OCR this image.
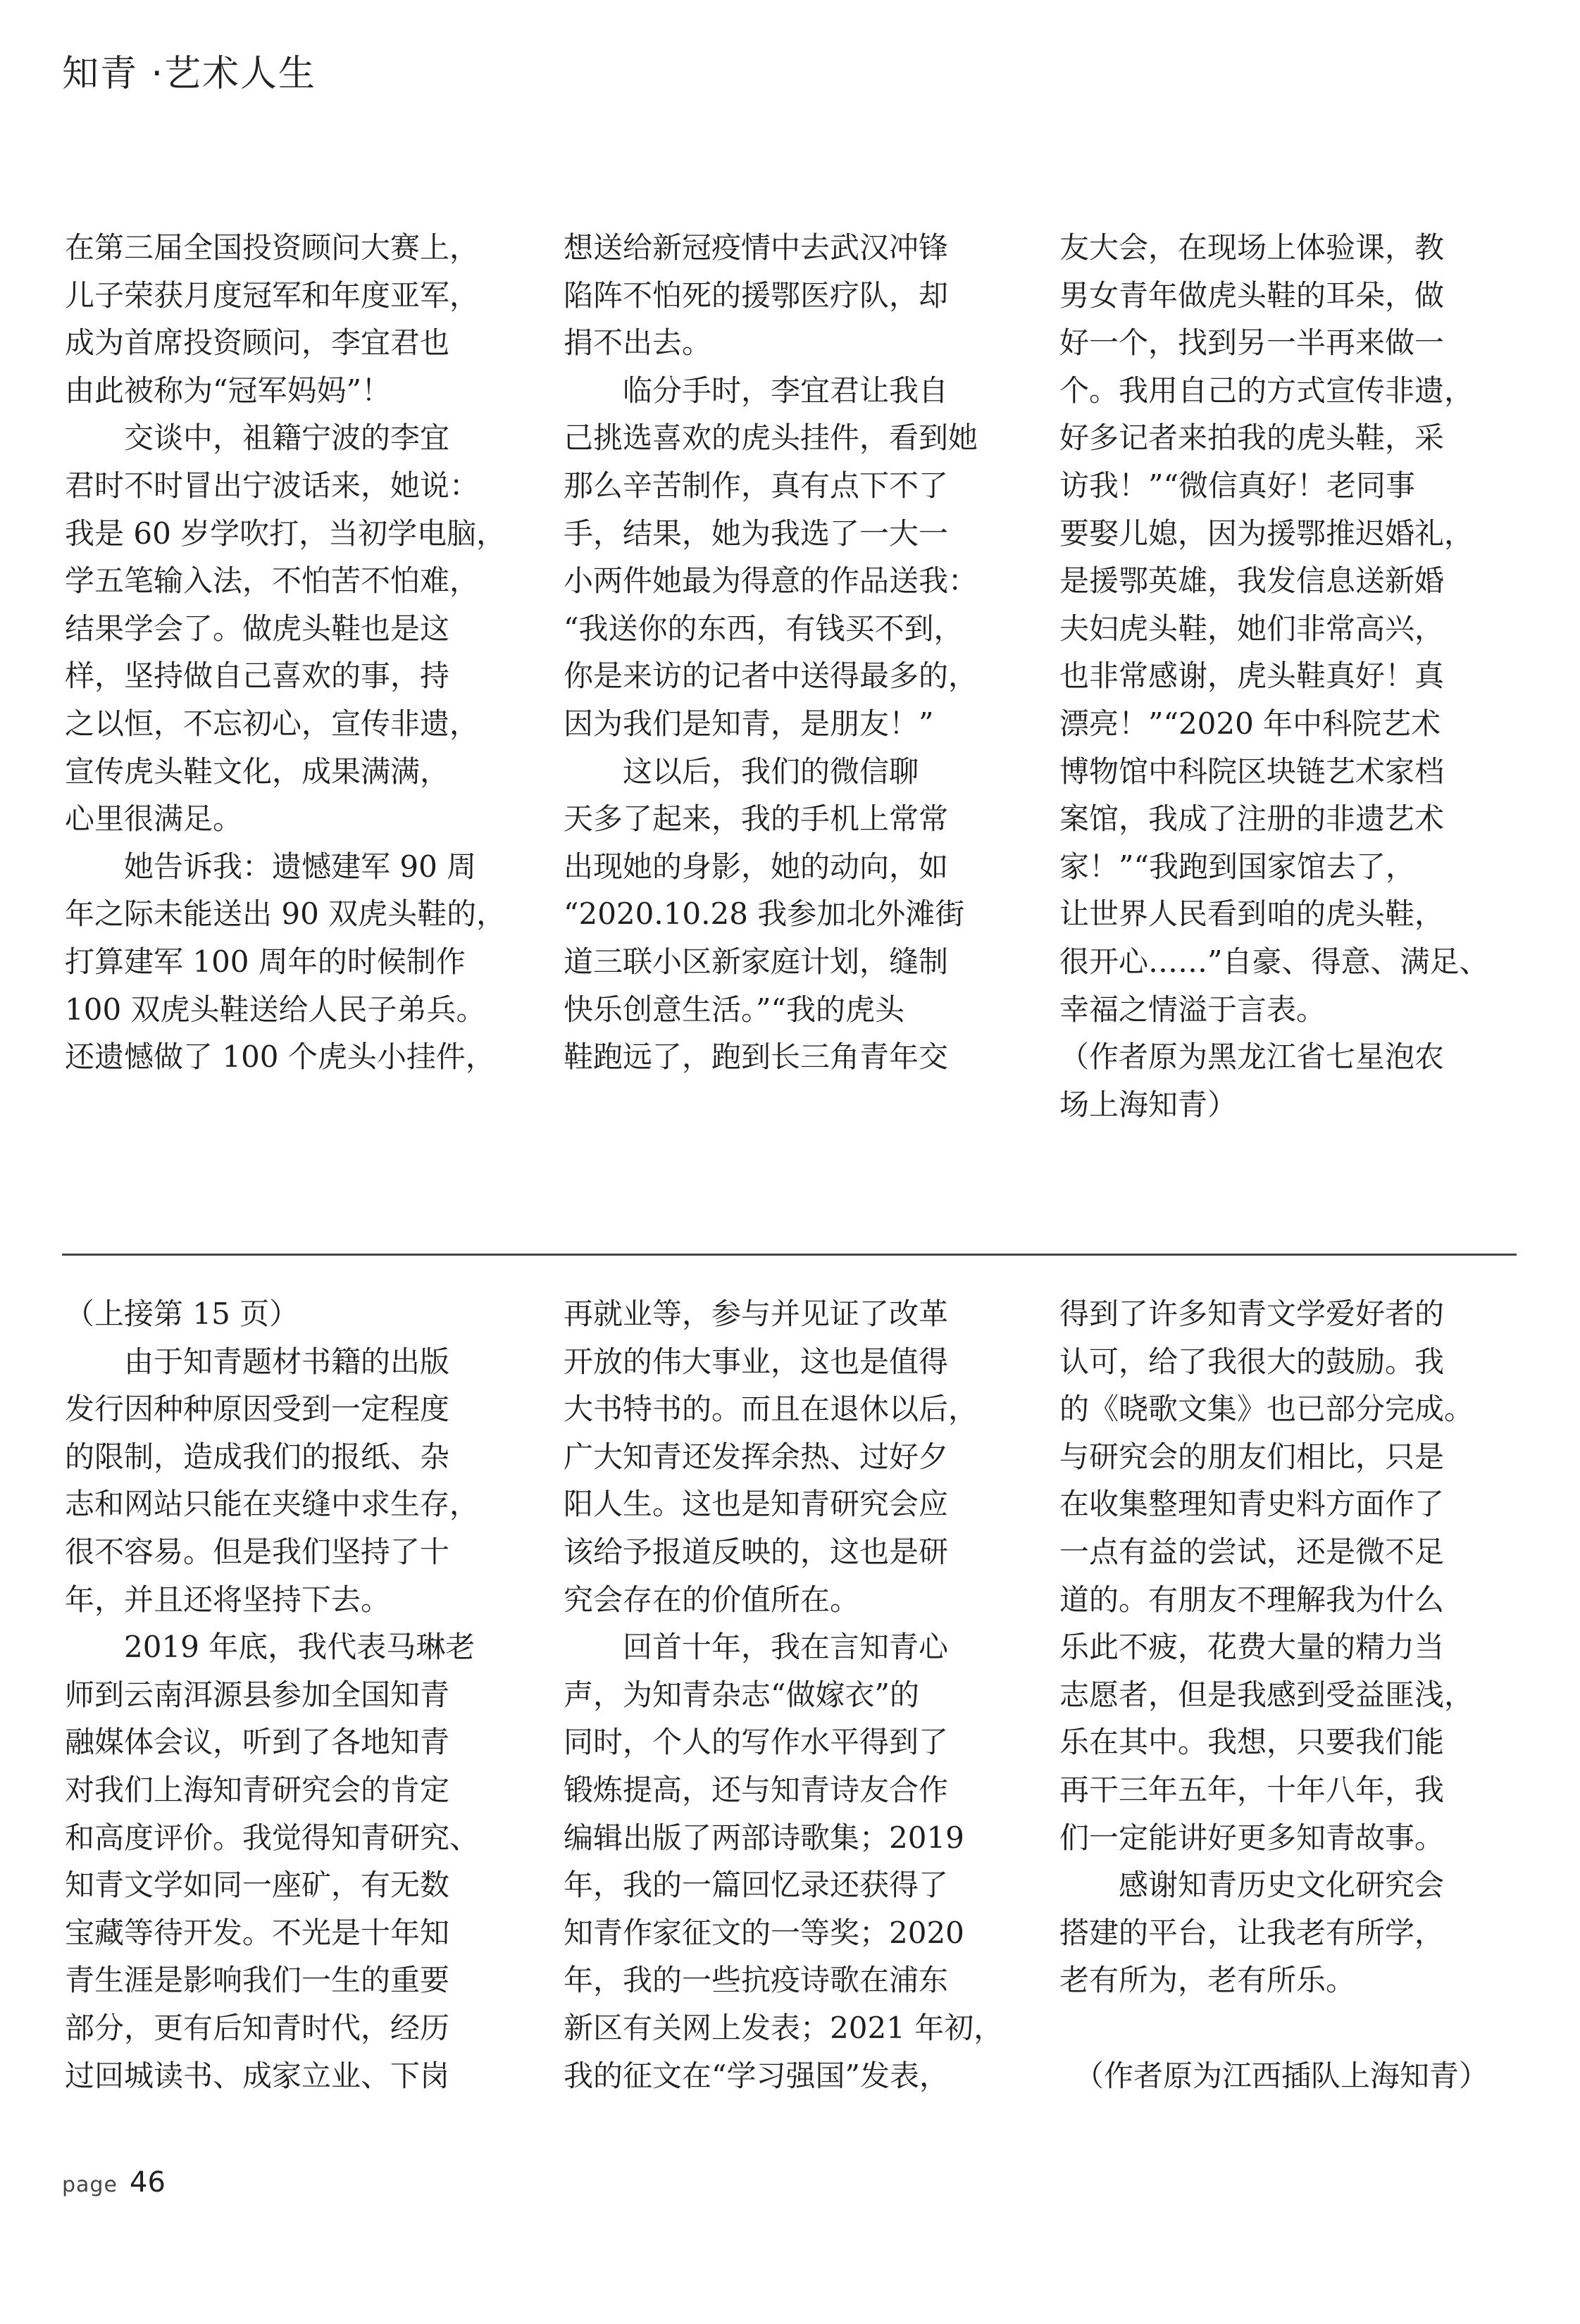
知青 ·艺术人生

在第三届全国投资顾问大赛上，

儿子荣获月度冠军和年度亚军，

成为首席投资顾问，李宜君也

由此被称为“冠军妈妈”！

　　交谈中，祖籍宁波的李宜

君时不时冒出宁波话来，她说：

我是 60 岁学吹打，当初学电脑，

学五笔输入法，不怕苦不怕难，

结果学会了。做虎头鞋也是这

样，坚持做自己喜欢的事，持

之以恒，不忘初心，宣传非遗，

宣传虎头鞋文化，成果满满，

心里很满足。

　　她告诉我：遗憾建军 90 周

年之际未能送出 90 双虎头鞋的，

打算建军 100 周年的时候制作

100 双虎头鞋送给人民子弟兵。

还遗憾做了 100 个虎头小挂件，

想送给新冠疫情中去武汉冲锋

陷阵不怕死的援鄂医疗队，却

捐不出去。

　　临分手时，李宜君让我自

己挑选喜欢的虎头挂件，看到她

那么辛苦制作，真有点下不了

手，结果，她为我选了一大一

小两件她最为得意的作品送我：

“我送你的东西，有钱买不到，

你是来访的记者中送得最多的，

因为我们是知青，是朋友！”

　　这以后，我们的微信聊

天多了起来，我的手机上常常

出现她的身影，她的动向，如

“2020.10.28 我参加北外滩街

道三联小区新家庭计划，缝制

快乐创意生活。”“我的虎头

鞋跑远了，跑到长三角青年交

友大会，在现场上体验课，教

男女青年做虎头鞋的耳朵，做

好一个，找到另一半再来做一

个。我用自己的方式宣传非遗，

好多记者来拍我的虎头鞋，采

访我！”“微信真好！老同事

要娶儿媳，因为援鄂推迟婚礼，

是援鄂英雄，我发信息送新婚

夫妇虎头鞋，她们非常高兴，

也非常感谢，虎头鞋真好！真

漂亮！”“2020 年中科院艺术

博物馆中科院区块链艺术家档

案馆，我成了注册的非遗艺术

家！”“我跑到国家馆去了，

让世界人民看到咱的虎头鞋，

很开心……”自豪、得意、满足、

幸福之情溢于言表。

（作者原为黑龙江省七星泡农

场上海知青）

（上接第 15 页）

　　由于知青题材书籍的出版

发行因种种原因受到一定程度

的限制，造成我们的报纸、杂

志和网站只能在夹缝中求生存，

很不容易。但是我们坚持了十

年，并且还将坚持下去。

　　2019 年底，我代表马琳老

师到云南洱源县参加全国知青

融媒体会议，听到了各地知青

对我们上海知青研究会的肯定

和高度评价。我觉得知青研究、

知青文学如同一座矿，有无数

宝藏等待开发。不光是十年知

青生涯是影响我们一生的重要

部分，更有后知青时代，经历

过回城读书、成家立业、下岗

再就业等，参与并见证了改革

开放的伟大事业，这也是值得

大书特书的。而且在退休以后，

广大知青还发挥余热、过好夕

阳人生。这也是知青研究会应

该给予报道反映的，这也是研

究会存在的价值所在。

　　回首十年，我在言知青心

声，为知青杂志“做嫁衣”的

同时，个人的写作水平得到了

锻炼提高，还与知青诗友合作

编辑出版了两部诗歌集；2019

年，我的一篇回忆录还获得了

知青作家征文的一等奖；2020

年，我的一些抗疫诗歌在浦东

新区有关网上发表；2021 年初，

我的征文在“学习强国”发表，

得到了许多知青文学爱好者的

认可，给了我很大的鼓励。我

的《晓歌文集》也已部分完成。

与研究会的朋友们相比，只是

在收集整理知青史料方面作了

一点有益的尝试，还是微不足

道的。有朋友不理解我为什么

乐此不疲，花费大量的精力当

志愿者，但是我感到受益匪浅，

乐在其中。我想，只要我们能

再干三年五年，十年八年，我

们一定能讲好更多知青故事。

　　感谢知青历史文化研究会

搭建的平台，让我老有所学，

老有所为，老有所乐。

　（作者原为江西插队上海知青）

page 46
